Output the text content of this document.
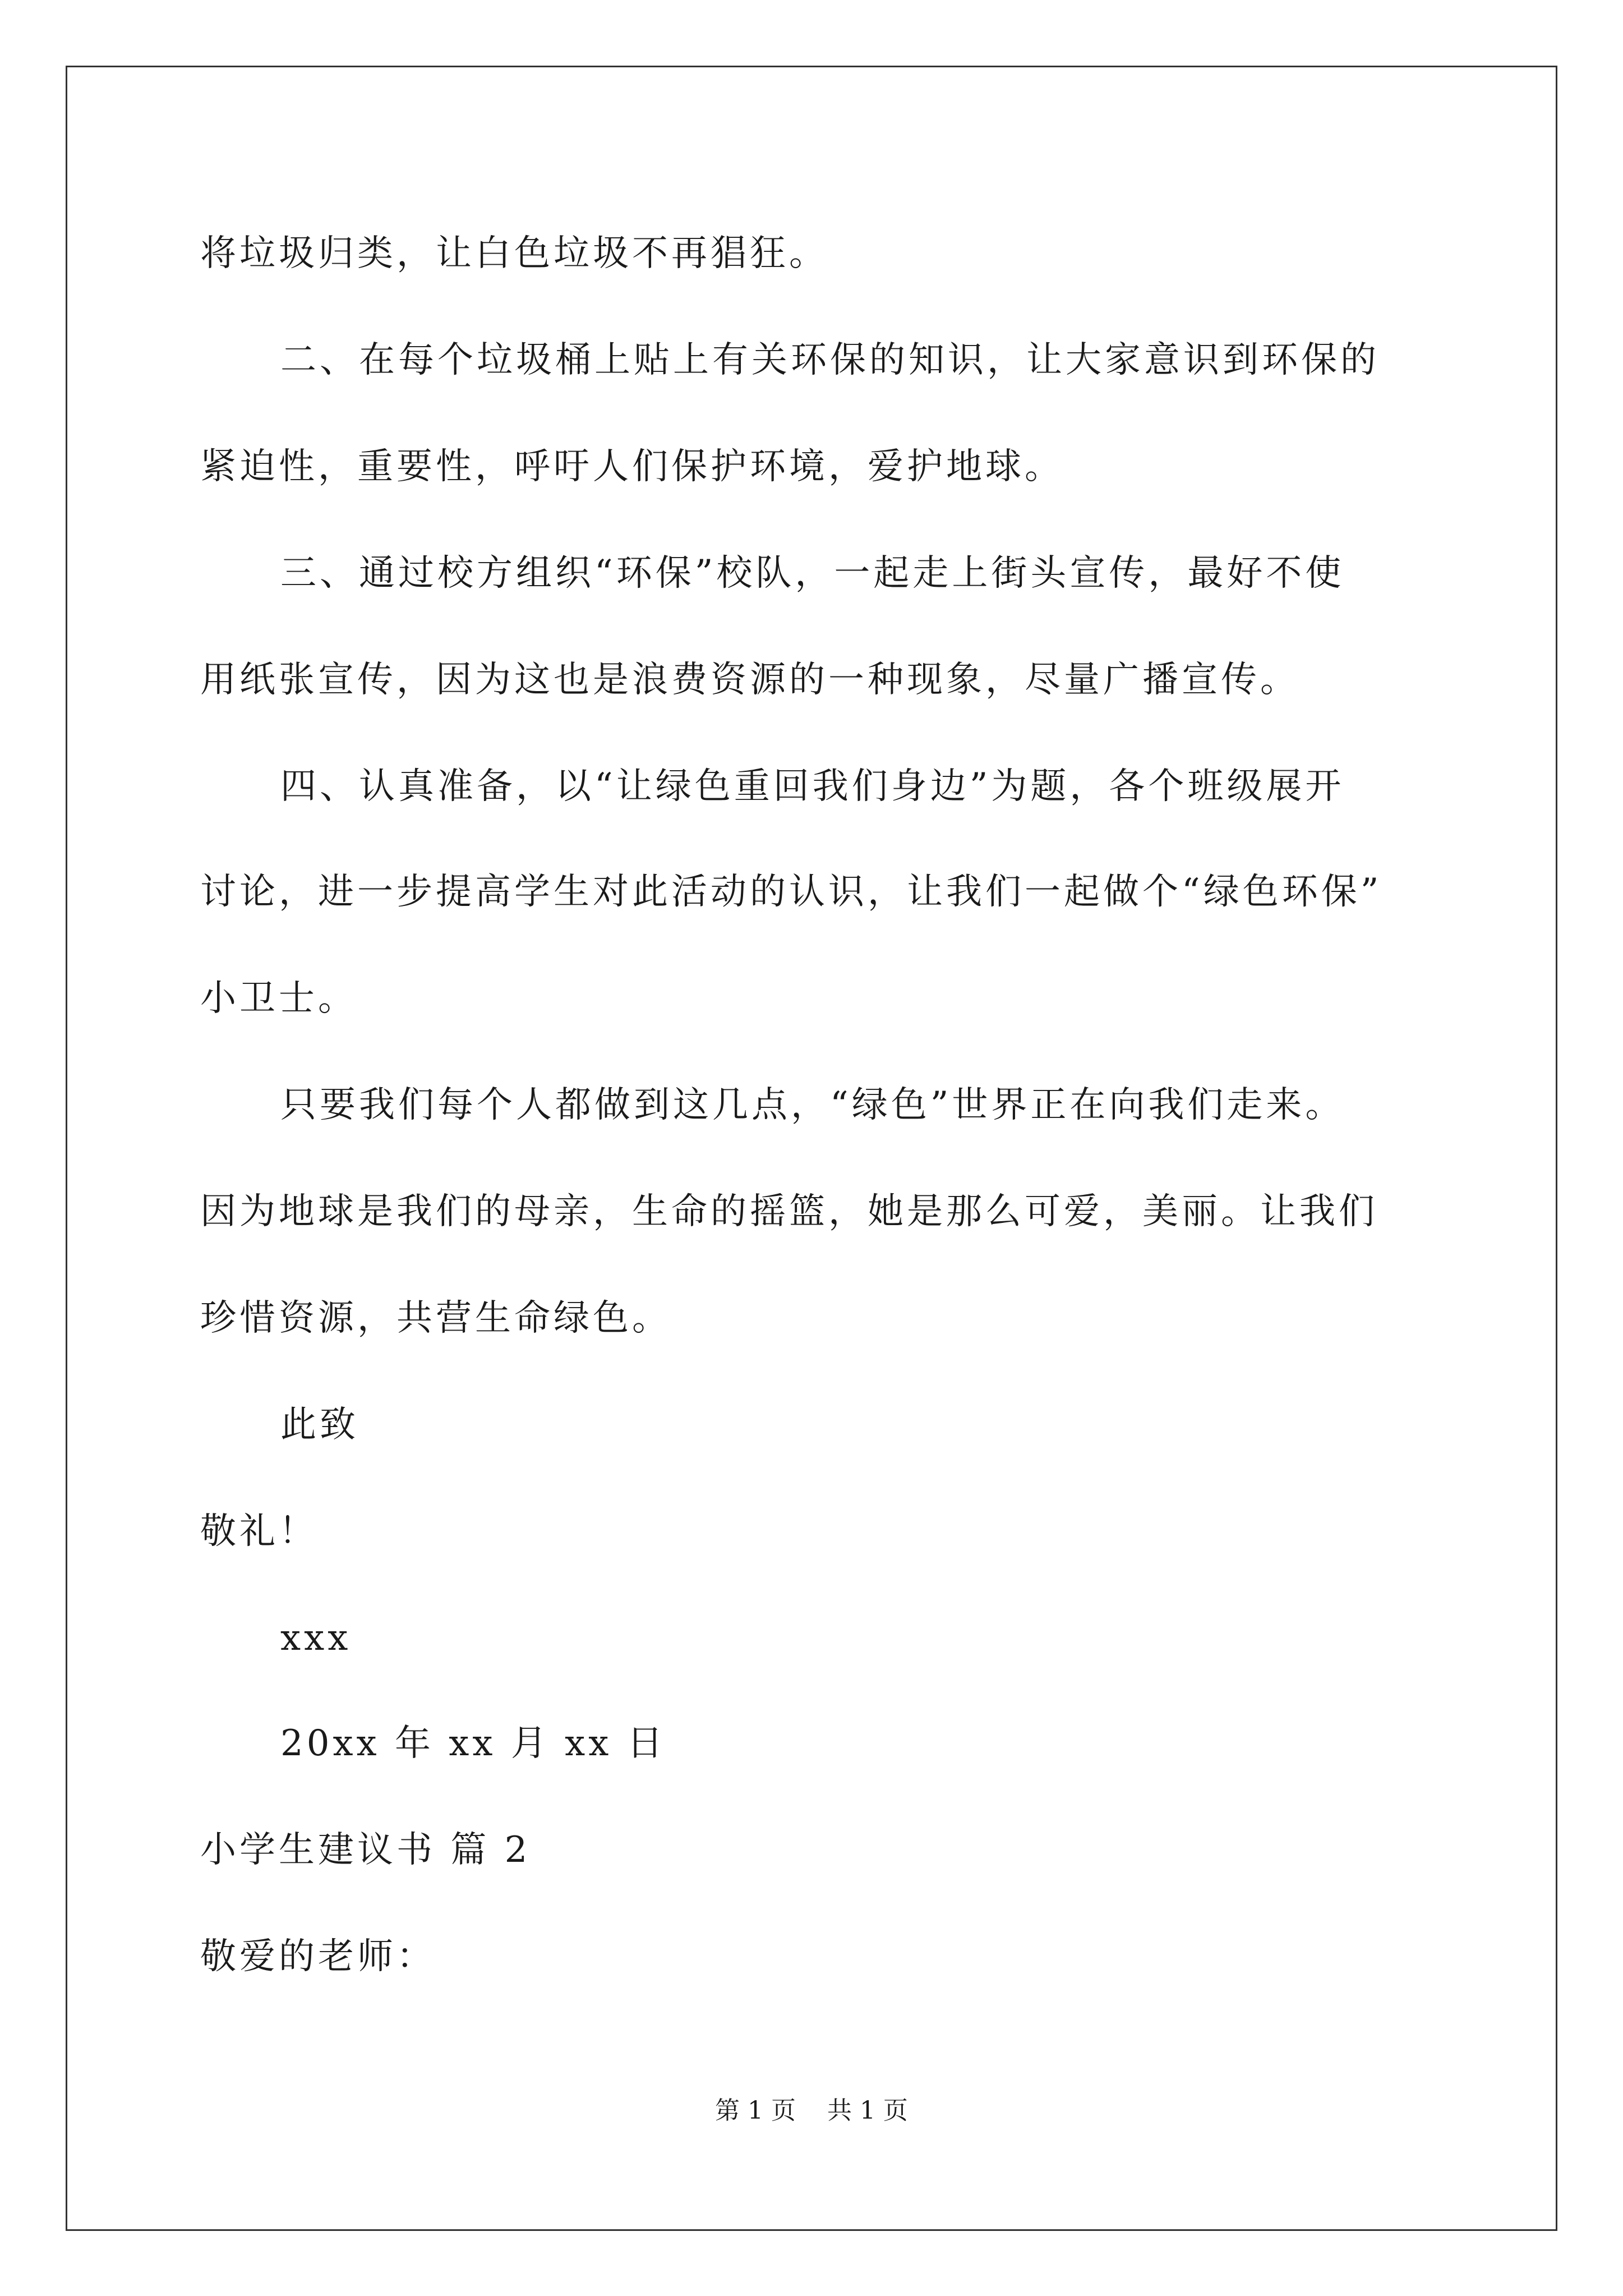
将垃圾归类，让白色垃圾不再猖狂。
二、在每个垃圾桶上贴上有关环保的知识，让大家意识到环保的
紧迫性，重要性，呼吁人们保护环境，爱护地球。
三、通过校方组织“环保”校队，一起走上街头宣传，最好不使
用纸张宣传，因为这也是浪费资源的一种现象，尽量广播宣传。
四、认真准备，以“让绿色重回我们身边”为题，各个班级展开
讨论，进一步提高学生对此活动的认识，让我们一起做个“绿色环保”
小卫士。
只要我们每个人都做到这几点，“绿色”世界正在向我们走来。
因为地球是我们的母亲，生命的摇篮，她是那么可爱，美丽。让我们
珍惜资源，共营生命绿色。
此致
敬礼！
xxx
20xx 年 xx 月 xx 日
小学生建议书 篇 2
敬爱的老师：
第 1 页    共 1 页
